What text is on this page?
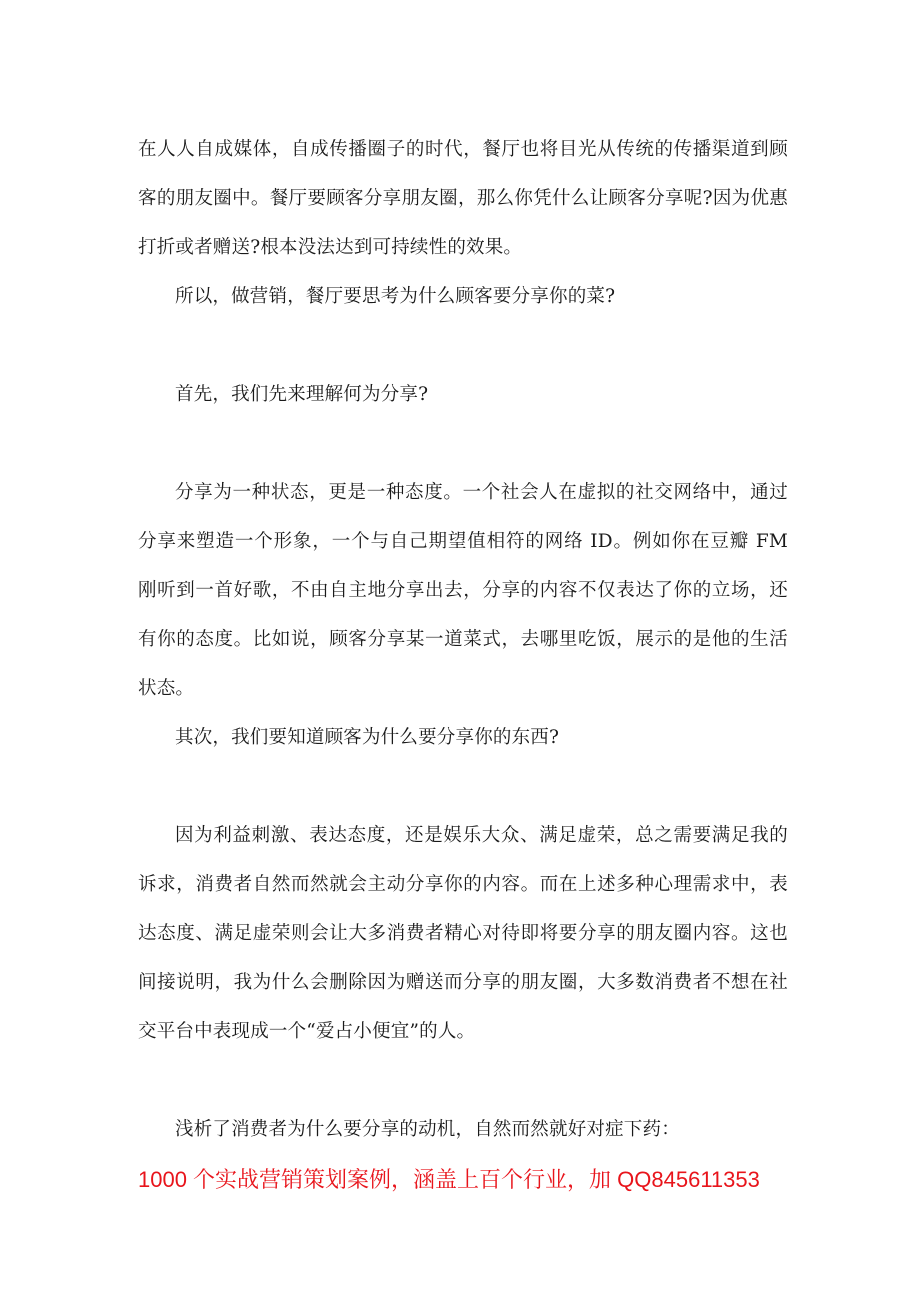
在人人自成媒体，自成传播圈子的时代，餐厅也将目光从传统的传播渠道到顾客的朋友圈中。餐厅要顾客分享朋友圈，那么你凭什么让顾客分享呢?因为优惠打折或者赠送?根本没法达到可持续性的效果。

所以，做营销，餐厅要思考为什么顾客要分享你的菜?

首先，我们先来理解何为分享?

分享为一种状态，更是一种态度。一个社会人在虚拟的社交网络中，通过分享来塑造一个形象，一个与自己期望值相符的网络 ID。例如你在豆瓣 FM 刚听到一首好歌，不由自主地分享出去，分享的内容不仅表达了你的立场，还有你的态度。比如说，顾客分享某一道菜式，去哪里吃饭，展示的是他的生活状态。

其次，我们要知道顾客为什么要分享你的东西?

因为利益刺激、表达态度，还是娱乐大众、满足虚荣，总之需要满足我的诉求，消费者自然而然就会主动分享你的内容。而在上述多种心理需求中，表达态度、满足虚荣则会让大多消费者精心对待即将要分享的朋友圈内容。这也间接说明，我为什么会删除因为赠送而分享的朋友圈，大多数消费者不想在社交平台中表现成一个“爱占小便宜”的人。

浅析了消费者为什么要分享的动机，自然而然就好对症下药：

1000 个实战营销策划案例，涵盖上百个行业，加 QQ845611353
